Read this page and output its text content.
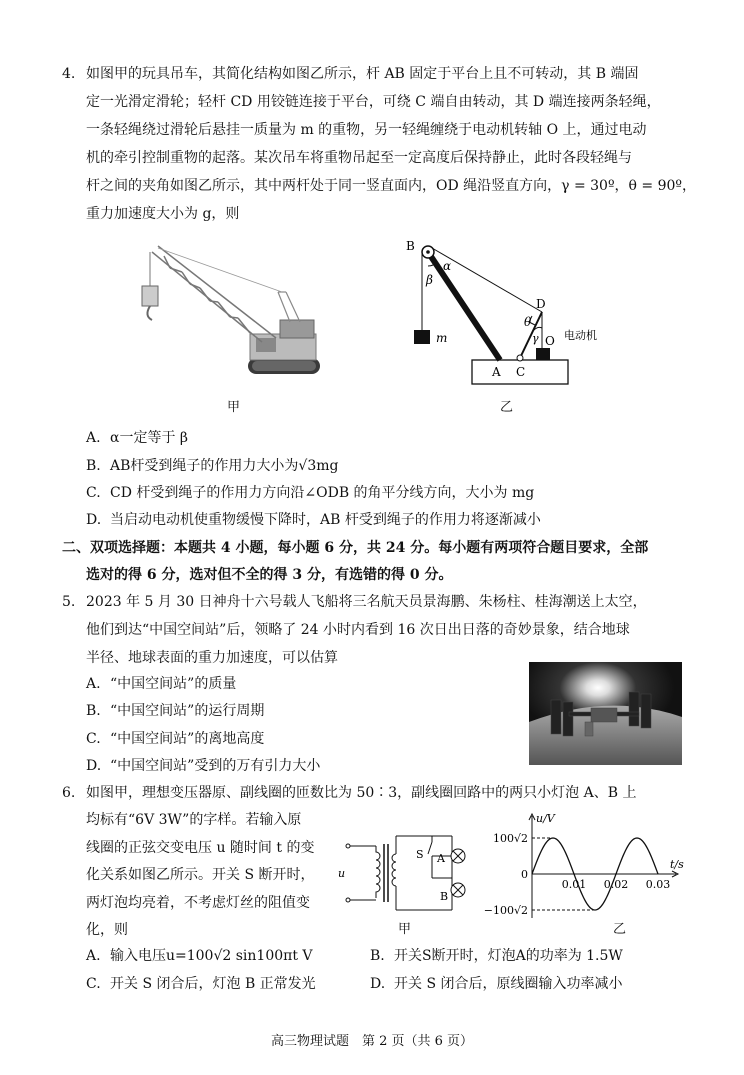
4. 如图甲的玩具吊车，其简化结构如图乙所示，杆 AB 固定于平台上且不可转动，其 B 端固
定一光滑定滑轮；轻杆 CD 用铰链连接于平台，可绕 C 端自由转动，其 D 端连接两条轻绳，
一条轻绳绕过滑轮后悬挂一质量为 m 的重物，另一轻绳缠绕于电动机转轴 O 上，通过电动
机的牵引控制重物的起落。某次吊车将重物吊起至一定高度后保持静止，此时各段轻绳与
杆之间的夹角如图乙所示，其中两杆处于同一竖直面内，OD 绳沿竖直方向，γ = 30º，θ = 90º，
重力加速度大小为 g，则
甲
B
α
β
m
D
θ
O
γ 电动机
A C
乙
A. α一定等于 β
B. AB杆受到绳子的作用力大小为√3mg
C. CD 杆受到绳子的作用力方向沿∠ODB 的角平分线方向，大小为 mg
D. 当启动电动机使重物缓慢下降时，AB 杆受到绳子的作用力将逐渐减小
二、双项选择题：本题共 4 小题，每小题 6 分，共 24 分。每小题有两项符合题目要求，全部
选对的得 6 分，选对但不全的得 3 分，有选错的得 0 分。
5. 2023 年 5 月 30 日神舟十六号载人飞船将三名航天员景海鹏、朱杨柱、桂海潮送上太空，
他们到达“中国空间站”后，领略了 24 小时内看到 16 次日出日落的奇妙景象，结合地球
半径、地球表面的重力加速度，可以估算
A. “中国空间站”的质量
B. “中国空间站”的运行周期
C. “中国空间站”的离地高度
D. “中国空间站”受到的万有引力大小
6. 如图甲，理想变压器原、副线圈的匝数比为 50∶3，副线圈回路中的两只小灯泡 A、B 上
均标有“6V 3W”的字样。若输入原
线圈的正弦交变电压 u 随时间 t 的变
化关系如图乙所示。开关 S 断开时，
两灯泡均亮着，不考虑灯丝的阻值变
化，则
u
S A
B
甲
u/V
t/s
100√2
0
−100√2
0.01 0.02 0.03
乙
A. 输入电压u=100√2 sin100πt V	B. 开关S断开时，灯泡A的功率为 1.5W
C. 开关 S 闭合后，灯泡 B 正常发光	D. 开关 S 闭合后，原线圈输入功率减小
高三物理试题　第 2 页（共 6 页）
